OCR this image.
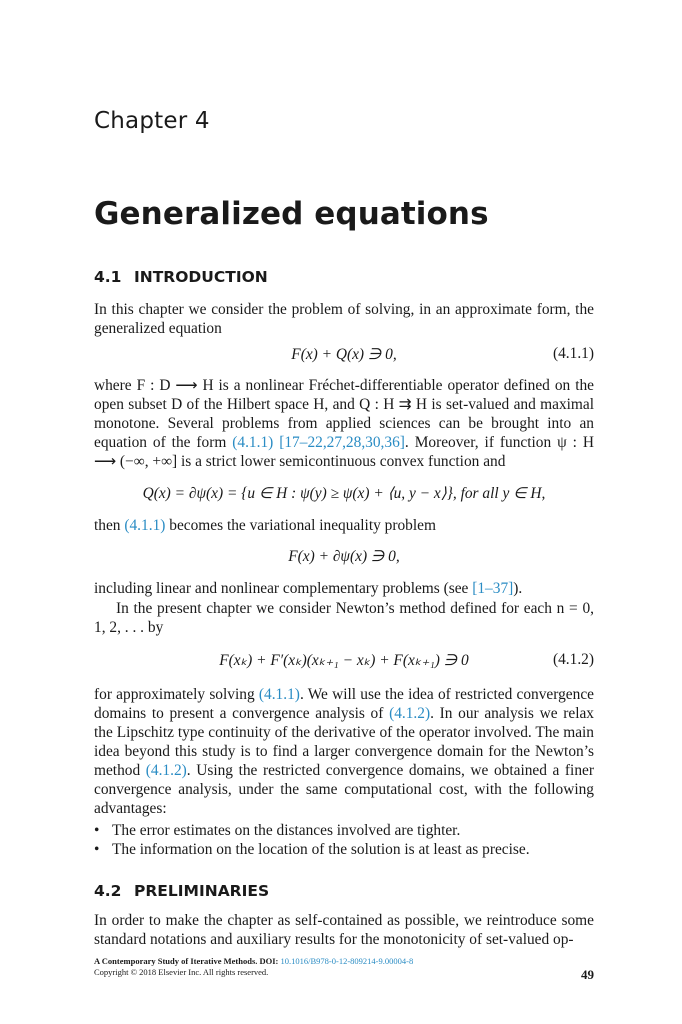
Chapter 4
Generalized equations
4.1 INTRODUCTION
In this chapter we consider the problem of solving, in an approximate form, the generalized equation
F(x) + Q(x) ∋ 0,	(4.1.1)
where F : D ⟶ H is a nonlinear Fréchet-differentiable operator defined on the open subset D of the Hilbert space H, and Q : H ⇉ H is set-valued and maximal monotone. Several problems from applied sciences can be brought into an equation of the form (4.1.1) [17–22,27,28,30,36]. Moreover, if function ψ : H ⟶ (−∞, +∞] is a strict lower semicontinuous convex function and
Q(x) = ∂ψ(x) = {u ∈ H : ψ(y) ≥ ψ(x) + ⟨u, y − x⟩}, for all y ∈ H,
then (4.1.1) becomes the variational inequality problem
F(x) + ∂ψ(x) ∋ 0,
including linear and nonlinear complementary problems (see [1–37]).
In the present chapter we consider Newton’s method defined for each n = 0, 1, 2, . . . by
F(xₖ) + F′(xₖ)(xₖ₊₁ − xₖ) + F(xₖ₊₁) ∋ 0	(4.1.2)
for approximately solving (4.1.1). We will use the idea of restricted convergence domains to present a convergence analysis of (4.1.2). In our analysis we relax the Lipschitz type continuity of the derivative of the operator involved. The main idea beyond this study is to find a larger convergence domain for the Newton’s method (4.1.2). Using the restricted convergence domains, we obtained a finer convergence analysis, under the same computational cost, with the following advantages:
• The error estimates on the distances involved are tighter.
• The information on the location of the solution is at least as precise.
4.2 PRELIMINARIES
In order to make the chapter as self-contained as possible, we reintroduce some standard notations and auxiliary results for the monotonicity of set-valued op-
A Contemporary Study of Iterative Methods. DOI: 10.1016/B978-0-12-809214-9.00004-8
Copyright © 2018 Elsevier Inc. All rights reserved.	49
